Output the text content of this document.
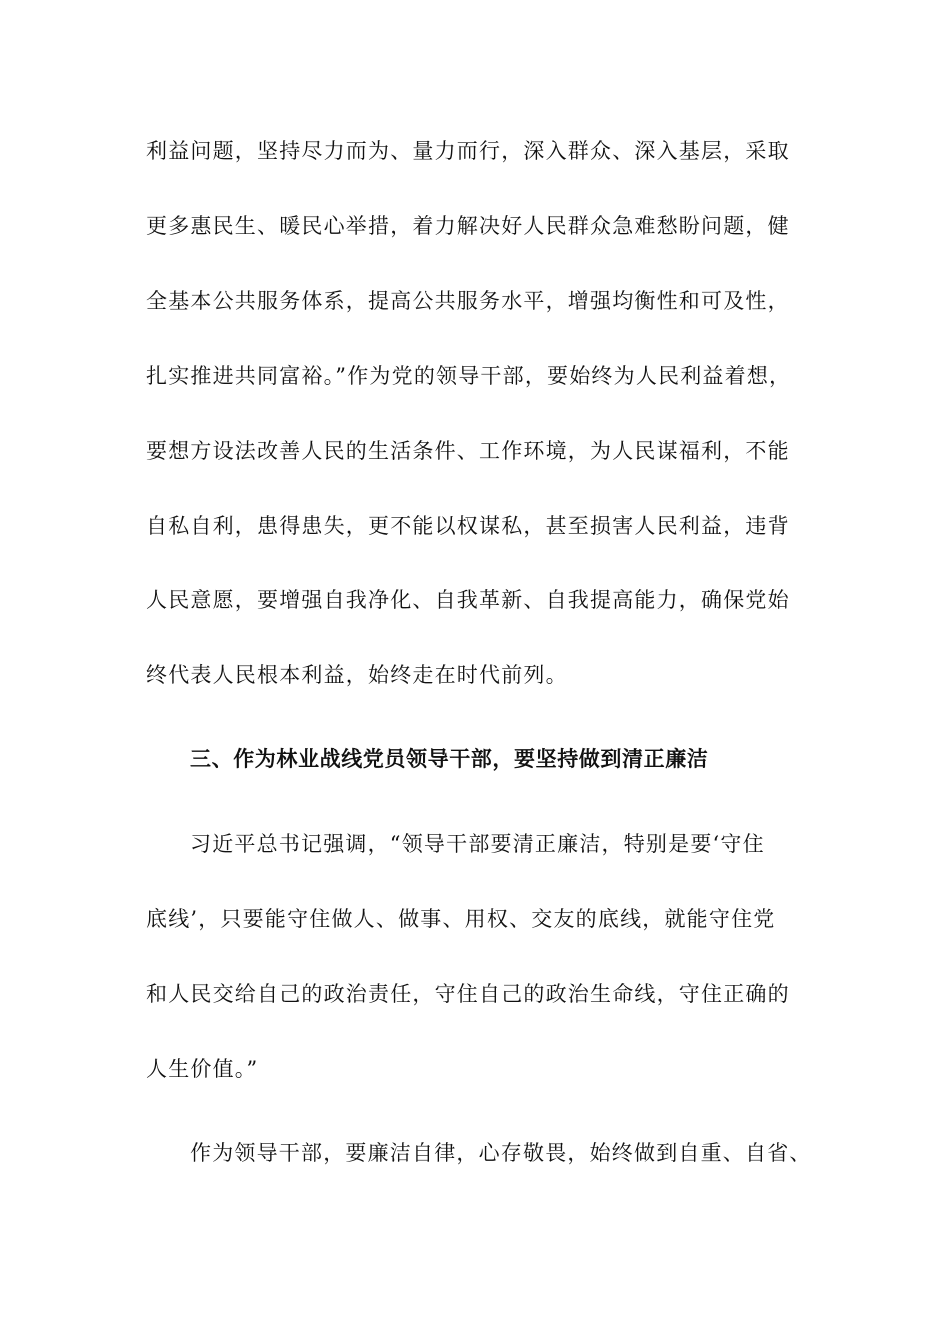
利益问题，坚持尽力而为、量力而行，深入群众、深入基层，采取
更多惠民生、暖民心举措，着力解决好人民群众急难愁盼问题，健
全基本公共服务体系，提高公共服务水平，增强均衡性和可及性，
扎实推进共同富裕。”作为党的领导干部，要始终为人民利益着想，
要想方设法改善人民的生活条件、工作环境，为人民谋福利，不能
自私自利，患得患失，更不能以权谋私，甚至损害人民利益，违背
人民意愿，要增强自我净化、自我革新、自我提高能力，确保党始
终代表人民根本利益，始终走在时代前列。
三、作为林业战线党员领导干部，要坚持做到清正廉洁
习近平总书记强调，“领导干部要清正廉洁，特别是要‘守住
底线’，只要能守住做人、做事、用权、交友的底线，就能守住党
和人民交给自己的政治责任，守住自己的政治生命线，守住正确的
人生价值。”
作为领导干部，要廉洁自律，心存敬畏，始终做到自重、自省、
